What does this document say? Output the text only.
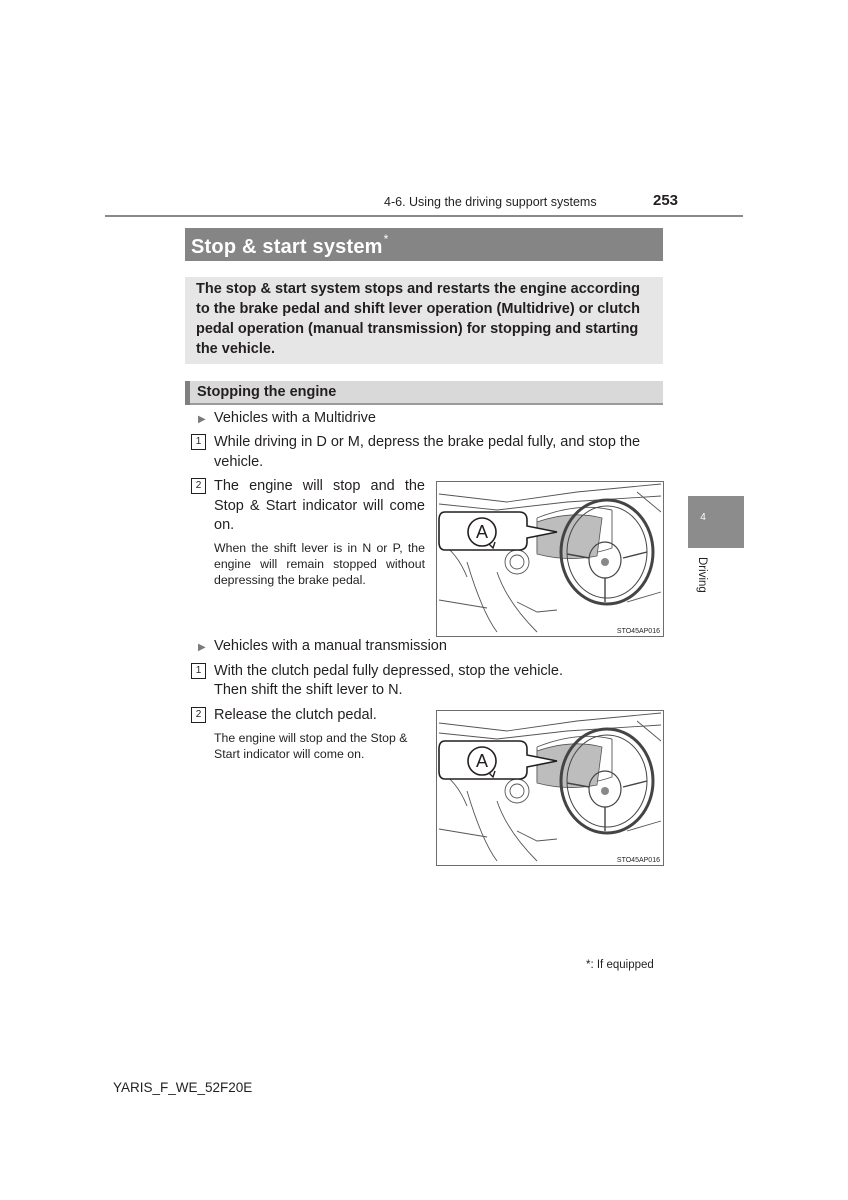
4-6. Using the driving support systems	253
Stop & start system*
The stop & start system stops and restarts the engine according to the brake pedal and shift lever operation (Multidrive) or clutch pedal operation (manual transmission) for stopping and starting the vehicle.
Stopping the engine
▶ Vehicles with a Multidrive
1 While driving in D or M, depress the brake pedal fully, and stop the vehicle.
2 The engine will stop and the Stop & Start indicator will come on.
When the shift lever is in N or P, the engine will remain stopped without depressing the brake pedal.
A
STO45AP016
▶ Vehicles with a manual transmission
1 With the clutch pedal fully depressed, stop the vehicle.
Then shift the shift lever to N.
2 Release the clutch pedal.
The engine will stop and the Stop & Start indicator will come on.	A
STO45AP016
4
Driving
*: If equipped
YARIS_F_WE_52F20E
